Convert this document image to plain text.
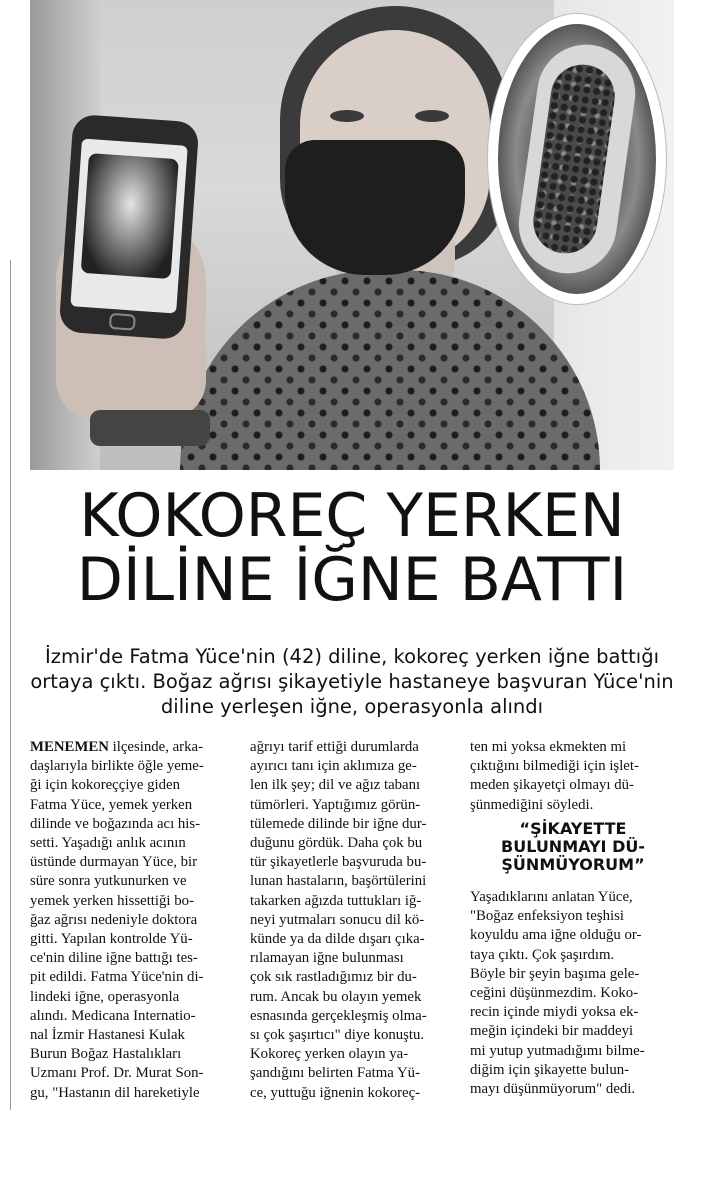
KOKOREÇ YERKEN

DİLİNE İĞNE BATTI

İzmir'de Fatma Yüce'nin (42) diline, kokoreç yerken iğne battığı ortaya çıktı. Boğaz ağrısı şikayetiyle hastaneye başvuran Yüce'nin diline yerleşen iğne, operasyonla alındı

MENEMEN ilçesinde, arka-
daşlarıyla birlikte öğle yeme-
ği için kokoreççiye giden
Fatma Yüce, yemek yerken
dilinde ve boğazında acı his-
setti. Yaşadığı anlık acının
üstünde durmayan Yüce, bir
süre sonra yutkunurken ve
yemek yerken hissettiği bo-
ğaz ağrısı nedeniyle doktora
gitti. Yapılan kontrolde Yü-
ce'nin diline iğne battığı tes-
pit edildi. Fatma Yüce'nin di-
lindeki iğne, operasyonla
alındı. Medicana Internatio-
nal İzmir Hastanesi Kulak
Burun Boğaz Hastalıkları
Uzmanı Prof. Dr. Murat Son-
gu, "Hastanın dil hareketiyle
ağrıyı tarif ettiği durumlarda
ayırıcı tanı için aklımıza ge-
len ilk şey; dil ve ağız tabanı
tümörleri. Yaptığımız görün-
tülemede dilinde bir iğne dur-
duğunu gördük. Daha çok bu
tür şikayetlerle başvuruda bu-
lunan hastaların, başörtülerini
takarken ağızda tuttukları iğ-
neyi yutmaları sonucu dil kö-
künde ya da dilde dışarı çıka-
rılamayan iğne bulunması
çok sık rastladığımız bir du-
rum. Ancak bu olayın yemek
esnasında gerçekleşmiş olma-
sı çok şaşırtıcı" diye konuştu.
Kokoreç yerken olayın ya-
şandığını belirten Fatma Yü-
ce, yuttuğu iğnenin kokoreç-
ten mi yoksa ekmekten mi
çıktığını bilmediği için işlet-
meden şikayetçi olmayı dü-
şünmediğini söyledi.
“ŞİKAYETTE
BULUNMAYI DÜ-
ŞÜNMÜYORUM”
Yaşadıklarını anlatan Yüce,
"Boğaz enfeksiyon teşhisi
koyuldu ama iğne olduğu or-
taya çıktı. Çok şaşırdım.
Böyle bir şeyin başıma gele-
ceğini düşünmezdim. Koko-
recin içinde miydi yoksa ek-
meğin içindeki bir maddeyi
mi yutup yutmadığımı bilme-
diğim için şikayette bulun-
mayı düşünmüyorum" dedi.
